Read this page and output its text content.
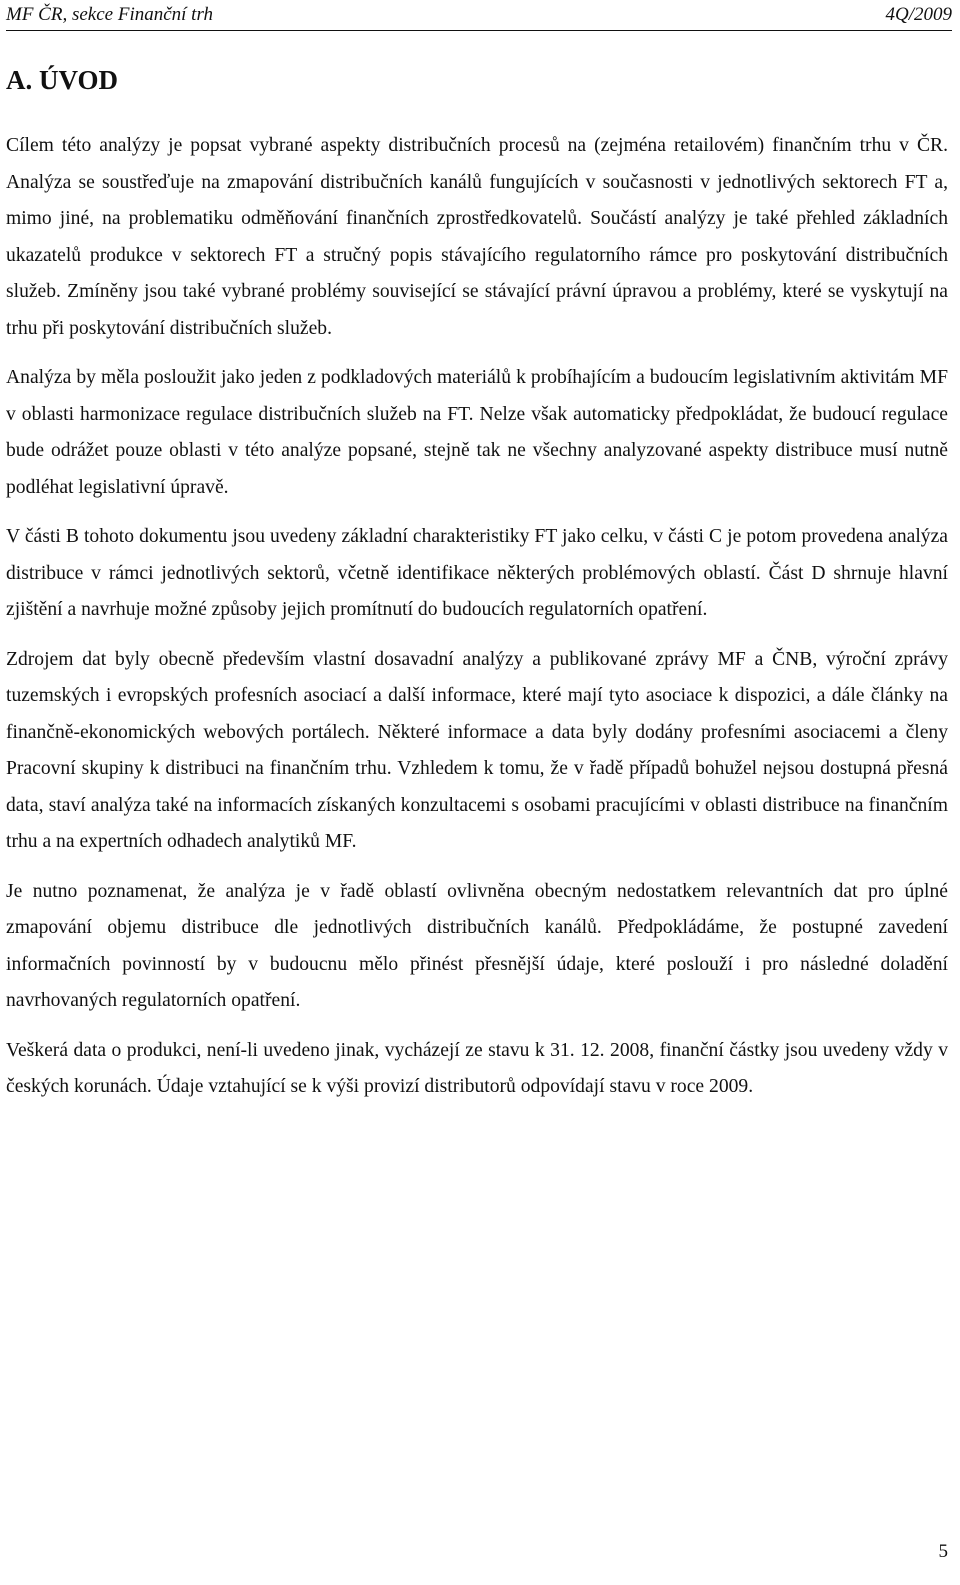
MF ČR, sekce Finanční trh	4Q/2009
A. ÚVOD

Cílem této analýzy je popsat vybrané aspekty distribučních procesů na (zejména retailovém) finančním trhu v ČR. Analýza se soustřeďuje na zmapování distribučních kanálů fungujících v současnosti v jednotlivých sektorech FT a, mimo jiné, na problematiku odměňování finančních zprostředkovatelů. Součástí analýzy je také přehled základních ukazatelů produkce v sektorech FT a stručný popis stávajícího regulatorního rámce pro poskytování distribučních služeb. Zmíněny jsou také vybrané problémy související se stávající právní úpravou a problémy, které se vyskytují na trhu při poskytování distribučních služeb.

Analýza by měla posloužit jako jeden z podkladových materiálů k probíhajícím a budoucím legislativním aktivitám MF v oblasti harmonizace regulace distribučních služeb na FT. Nelze však automaticky předpokládat, že budoucí regulace bude odrážet pouze oblasti v této analýze popsané, stejně tak ne všechny analyzované aspekty distribuce musí nutně podléhat legislativní úpravě.

V části B tohoto dokumentu jsou uvedeny základní charakteristiky FT jako celku, v části C je potom provedena analýza distribuce v rámci jednotlivých sektorů, včetně identifikace některých problémových oblastí. Část D shrnuje hlavní zjištění a navrhuje možné způsoby jejich promítnutí do budoucích regulatorních opatření.

Zdrojem dat byly obecně především vlastní dosavadní analýzy a publikované zprávy MF a ČNB, výroční zprávy tuzemských i evropských profesních asociací a další informace, které mají tyto asociace k dispozici, a dále články na finančně-ekonomických webových portálech. Některé informace a data byly dodány profesními asociacemi a členy Pracovní skupiny k distribuci na finančním trhu. Vzhledem k tomu, že v řadě případů bohužel nejsou dostupná přesná data, staví analýza také na informacích získaných konzultacemi s osobami pracujícími v oblasti distribuce na finančním trhu a na expertních odhadech analytiků MF.

Je nutno poznamenat, že analýza je v řadě oblastí ovlivněna obecným nedostatkem relevantních dat pro úplné zmapování objemu distribuce dle jednotlivých distribučních kanálů. Předpokládáme, že postupné zavedení informačních povinností by v budoucnu mělo přinést přesnější údaje, které poslouží i pro následné doladění navrhovaných regulatorních opatření.

Veškerá data o produkci, není-li uvedeno jinak, vycházejí ze stavu k 31. 12. 2008, finanční částky jsou uvedeny vždy v českých korunách. Údaje vztahující se k výši provizí distributorů odpovídají stavu v roce 2009.

5
